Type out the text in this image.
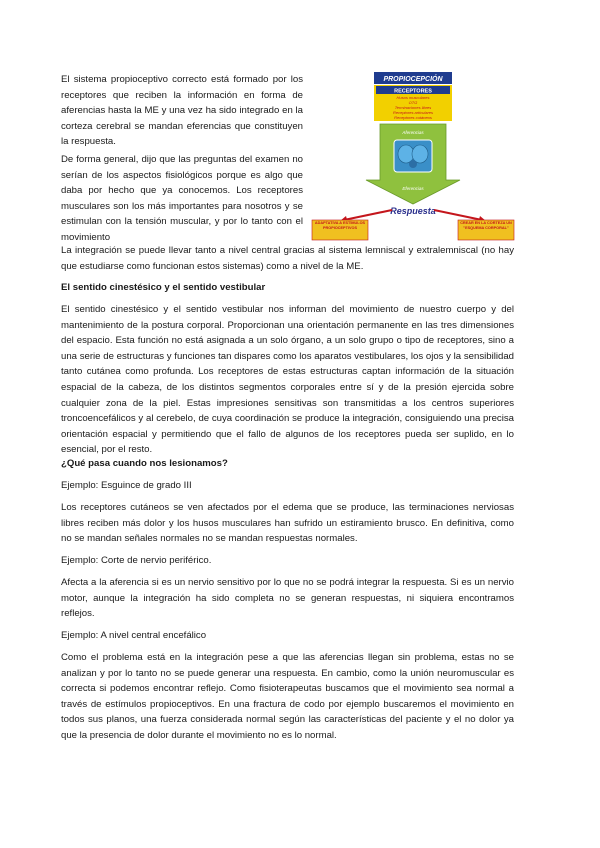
El sistema propioceptivo correcto está formado por los receptores que reciben la información en forma de aferencias hasta la ME y una vez ha sido integrado en la corteza cerebral se mandan eferencias que constituyen la respuesta.

De forma general, dijo que las preguntas del examen no serían de los aspectos fisiológicos porque es algo que daba por hecho que ya conocemos. Los receptores musculares son los más importantes para nosotros y se estimulan con la tensión muscular, y por lo tanto con el movimiento

PROPIOCEPCIÓN
RECEPTORES
Husos musculares
OTG
Terminaciones libres
Receptores articulares
Receptores cutáneos
Aferencias
Eferencias
Respuesta
ADAPTATIVA A ESTÍMULOS PROPIOCEPTIVOS
CREAR EN LA CORTEZA UN "ESQUEMA CORPORAL"

La integración se puede llevar tanto a nivel central gracias al sistema lemniscal y extralemniscal (no hay que estudiarse como funcionan estos sistemas) como a nivel de la ME.

El sentido cinestésico y el sentido vestibular

El sentido cinestésico y el sentido vestibular nos informan del movimiento de nuestro cuerpo y del mantenimiento de la postura corporal. Proporcionan una orientación permanente en las tres dimensiones del espacio. Esta función no está asignada a un solo órgano, a un solo grupo o tipo de receptores, sino a una serie de estructuras y funciones tan dispares como los aparatos vestibulares, los ojos y la sensibilidad tanto cutánea como profunda. Los receptores de estas estructuras captan información de la situación espacial de la cabeza, de los distintos segmentos corporales entre sí y de la presión ejercida sobre cualquier zona de la piel. Estas impresiones sensitivas son transmitidas a los centros superiores troncoencefálicos y al cerebelo, de cuya coordinación se produce la integración, consiguiendo una precisa orientación espacial y permitiendo que el fallo de algunos de los receptores pueda ser suplido, en lo esencial, por el resto.

¿Qué pasa cuando nos lesionamos?

Ejemplo: Esguince de grado III

Los receptores cutáneos se ven afectados por el edema que se produce, las terminaciones nerviosas libres reciben más dolor y los husos musculares han sufrido un estiramiento brusco. En definitiva, como no se mandan señales normales no se mandan respuestas normales.

Ejemplo: Corte de nervio periférico.

Afecta a la aferencia si es un nervio sensitivo por lo que no se podrá integrar la respuesta. Si es un nervio motor, aunque la integración ha sido completa no se generan respuestas, ni siquiera encontramos reflejos.

Ejemplo: A nivel central encefálico

Como el problema está en la integración pese a que las aferencias llegan sin problema, estas no se analizan y por lo tanto no se puede generar una respuesta. En cambio, como la unión neuromuscular es correcta si podemos encontrar reflejo. Como fisioterapeutas buscamos que el movimiento sea normal a través de estímulos propioceptivos. En una fractura de codo por ejemplo buscaremos el movimiento en todos sus planos, una fuerza considerada normal según las características del paciente y el no dolor ya que la presencia de dolor durante el movimiento no es lo normal.
